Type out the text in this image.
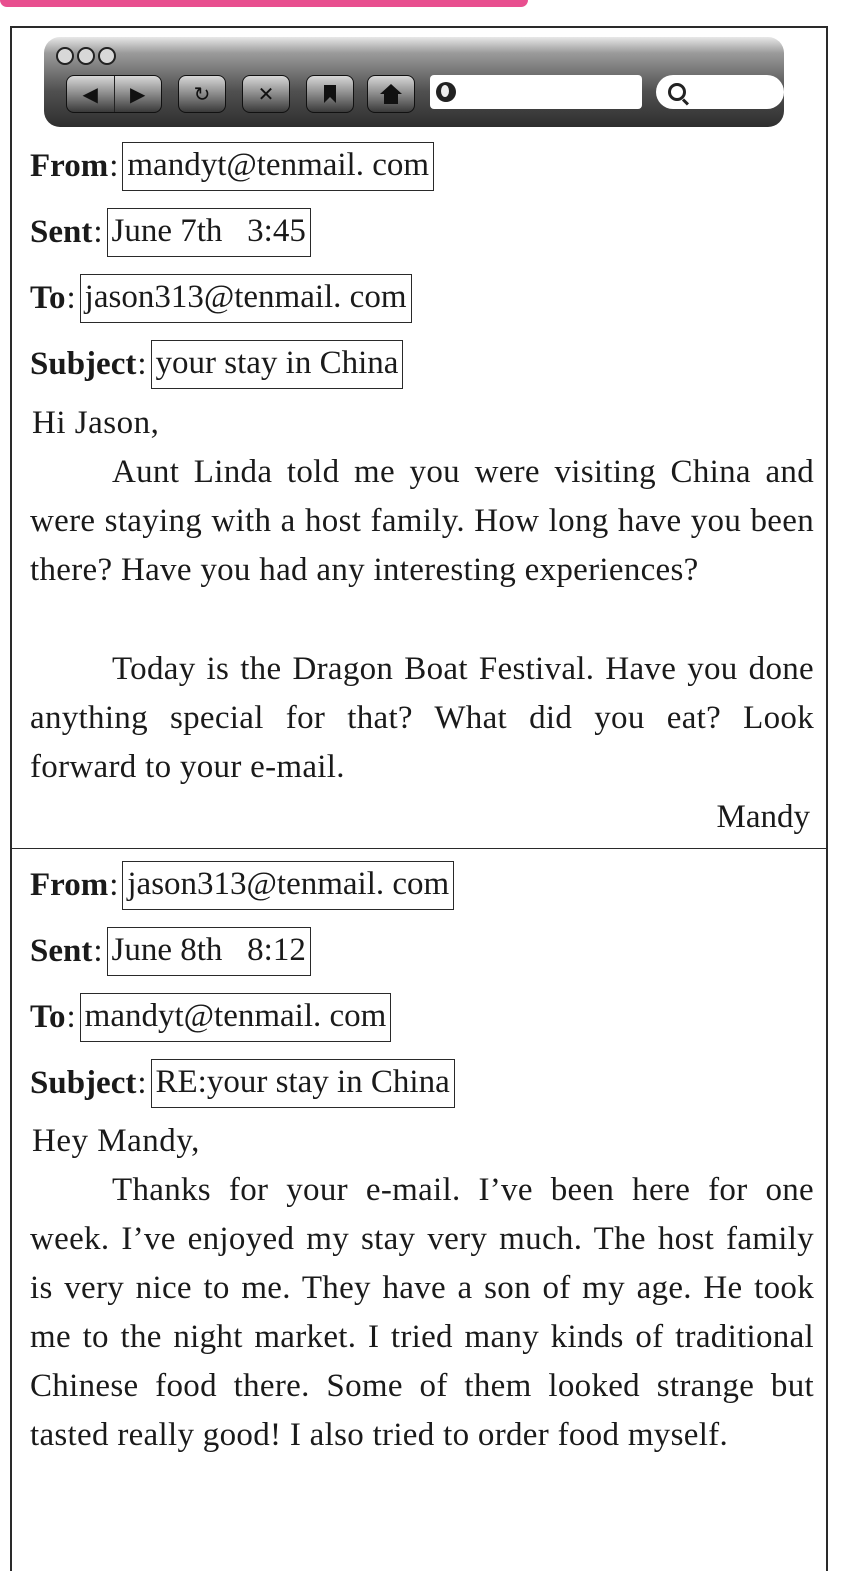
◀	▶	↻	✕
From : mandyt@tenmail. com
Sent : June 7th   3:45
To : jason313@tenmail. com
Subject : your stay in China
Hi Jason,
Aunt Linda told me you were visiting China and were staying with a host family. How long have you been there? Have you had any interesting experiences?
Today is the Dragon Boat Festival. Have you done anything special for that? What did you eat? Look forward to your e-mail.
Mandy
From : jason313@tenmail. com
Sent : June 8th   8:12
To : mandyt@tenmail. com
Subject : RE:your stay in China
Hey Mandy,
Thanks for your e-mail. I’ve been here for one week. I’ve enjoyed my stay very much. The host family is very nice to me. They have a son of my age. He took me to the night market. I tried many kinds of traditional Chinese food there. Some of them looked strange but tasted really good! I also tried to order food myself.
